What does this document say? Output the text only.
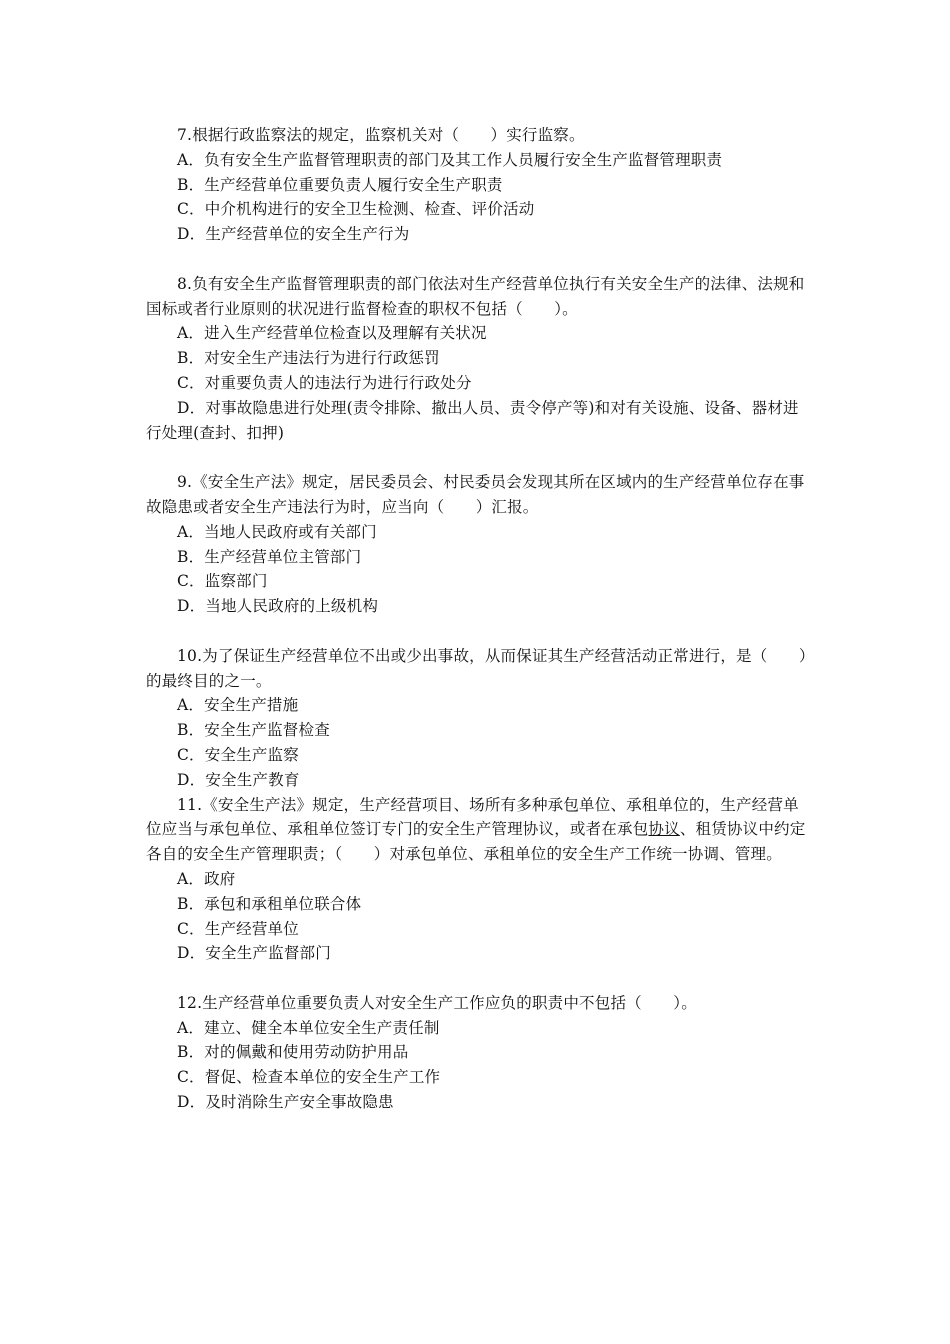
7.根据行政监察法的规定，监察机关对（　　）实行监察。

A．负有安全生产监督管理职责的部门及其工作人员履行安全生产监督管理职责

B．生产经营单位重要负责人履行安全生产职责

C．中介机构进行的安全卫生检测、检查、评价活动

D．生产经营单位的安全生产行为

8.负有安全生产监督管理职责的部门依法对生产经营单位执行有关安全生产的法律、法规和国标或者行业原则的状况进行监督检查的职权不包括（　　）。

A．进入生产经营单位检查以及理解有关状况

B．对安全生产违法行为进行行政惩罚

C．对重要负责人的违法行为进行行政处分

D．对事故隐患进行处理(责令排除、撤出人员、责令停产等)和对有关设施、设备、器材进行处理(查封、扣押)

9.《安全生产法》规定，居民委员会、村民委员会发现其所在区域内的生产经营单位存在事故隐患或者安全生产违法行为时，应当向（　　）汇报。

A．当地人民政府或有关部门

B．生产经营单位主管部门

C．监察部门

D．当地人民政府的上级机构

10.为了保证生产经营单位不出或少出事故，从而保证其生产经营活动正常进行，是（　　）的最终目的之一。

A．安全生产措施

B．安全生产监督检查

C．安全生产监察

D．安全生产教育

11.《安全生产法》规定，生产经营项目、场所有多种承包单位、承租单位的，生产经营单位应当与承包单位、承租单位签订专门的安全生产管理协议，或者在承包协议、租赁协议中约定各自的安全生产管理职责；（　　）对承包单位、承租单位的安全生产工作统一协调、管理。

A．政府

B．承包和承租单位联合体

C．生产经营单位

D．安全生产监督部门

12.生产经营单位重要负责人对安全生产工作应负的职责中不包括（　　）。

A．建立、健全本单位安全生产责任制

B．对的佩戴和使用劳动防护用品

C．督促、检查本单位的安全生产工作

D．及时消除生产安全事故隐患
